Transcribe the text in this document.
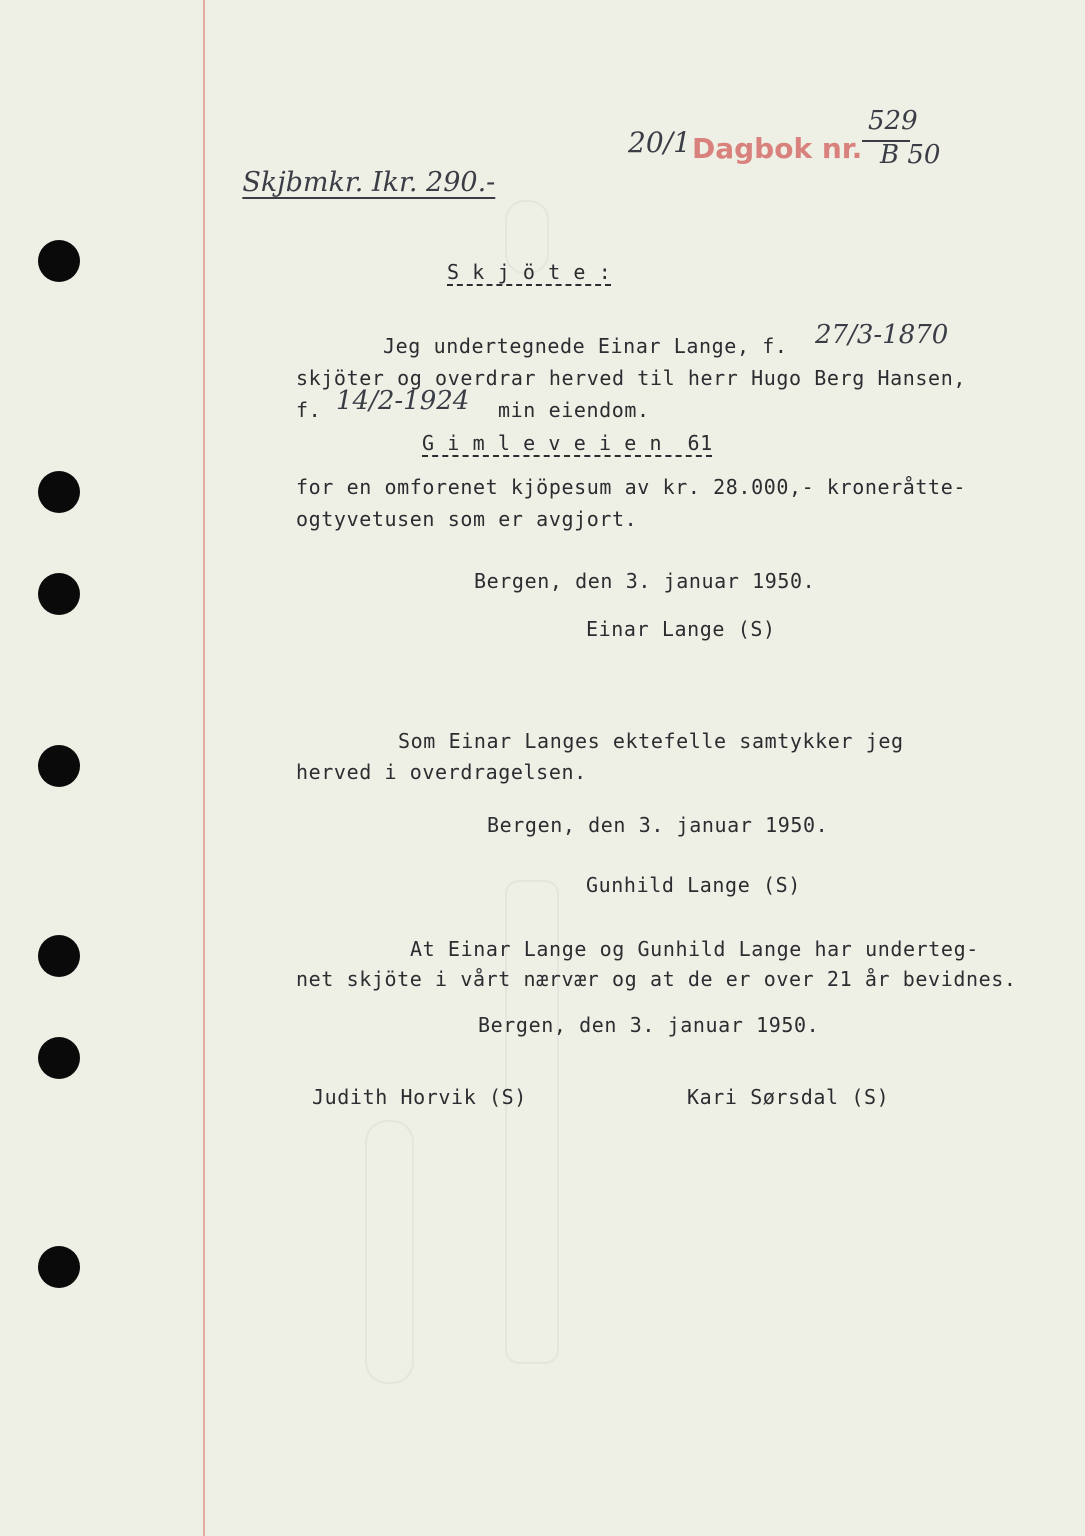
Skjbmkr. Ikr. 290.-

20/1 Dagbok nr.
529
B 50
S k j ö t e :
Jeg undertegnede Einar Lange, f. 27/3-1870
skjöter og overdrar herved til herr Hugo Berg Hansen,
f. 14/2-1924 min eiendom.
G i m l e v e i e n  61
for en omforenet kjöpesum av kr. 28.000,- kroneråtte-
ogtyvetusen som er avgjort.
Bergen, den 3. januar 1950.
Einar Lange (S)
Som Einar Langes ektefelle samtykker jeg
herved i overdragelsen.
Bergen, den 3. januar 1950.
Gunhild Lange (S)
At Einar Lange og Gunhild Lange har underteg-
net skjöte i vårt nærvær og at de er over 21 år bevidnes.
Bergen, den 3. januar 1950.
Judith Horvik (S)	Kari Sørsdal (S)
